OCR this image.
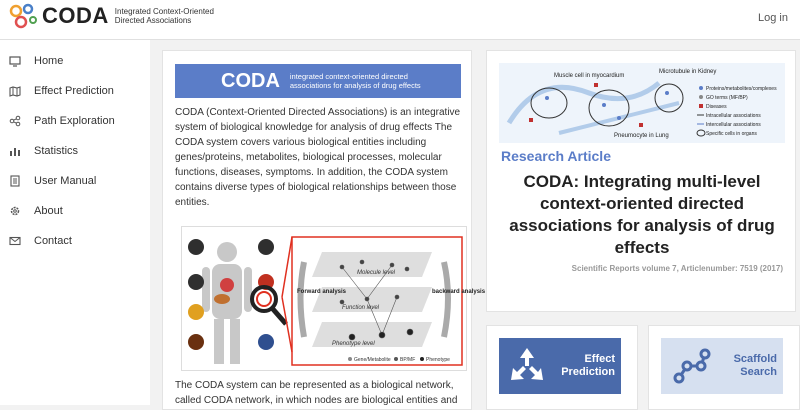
CODA Integrated Context-Oriented Directed Associations	Log in
Home
Effect Prediction
Path Exploration
Statistics
User Manual
About
Contact
CODA integrated context-oriented directed associations for analysis of drug effects

CODA (Context-Oriented Directed Associations) is an integrative system of biological knowledge for analysis of drug effects The CODA system covers various biological entities including genes/proteins, metabolites, biological processes, molecular functions, diseases, symptoms. In addition, the CODA system contains diverse types of biological relationships between those entities.

Forward analysis	backward analysis
Molecule level
Function level
Phenotype level
Gene/Metabolite BP/MF Phenotype

The CODA system can be represented as a biological network, called CODA network, in which nodes are biological entities and

Muscle cell in myocardium
Microtubule in Kidney
Pneumocyte in Lung
Proteins/metabolites/complexes
GO terms (MF/BP)
Diseases
Intracellular associations
Intercellular associations
Specific cells in organs
Research Article
CODA: Integrating multi-level context-oriented directed associations for analysis of drug effects
Scientific Reports volume 7, Articlenumber: 7519 (2017)
Effect
Prediction
Scaffold
Search
